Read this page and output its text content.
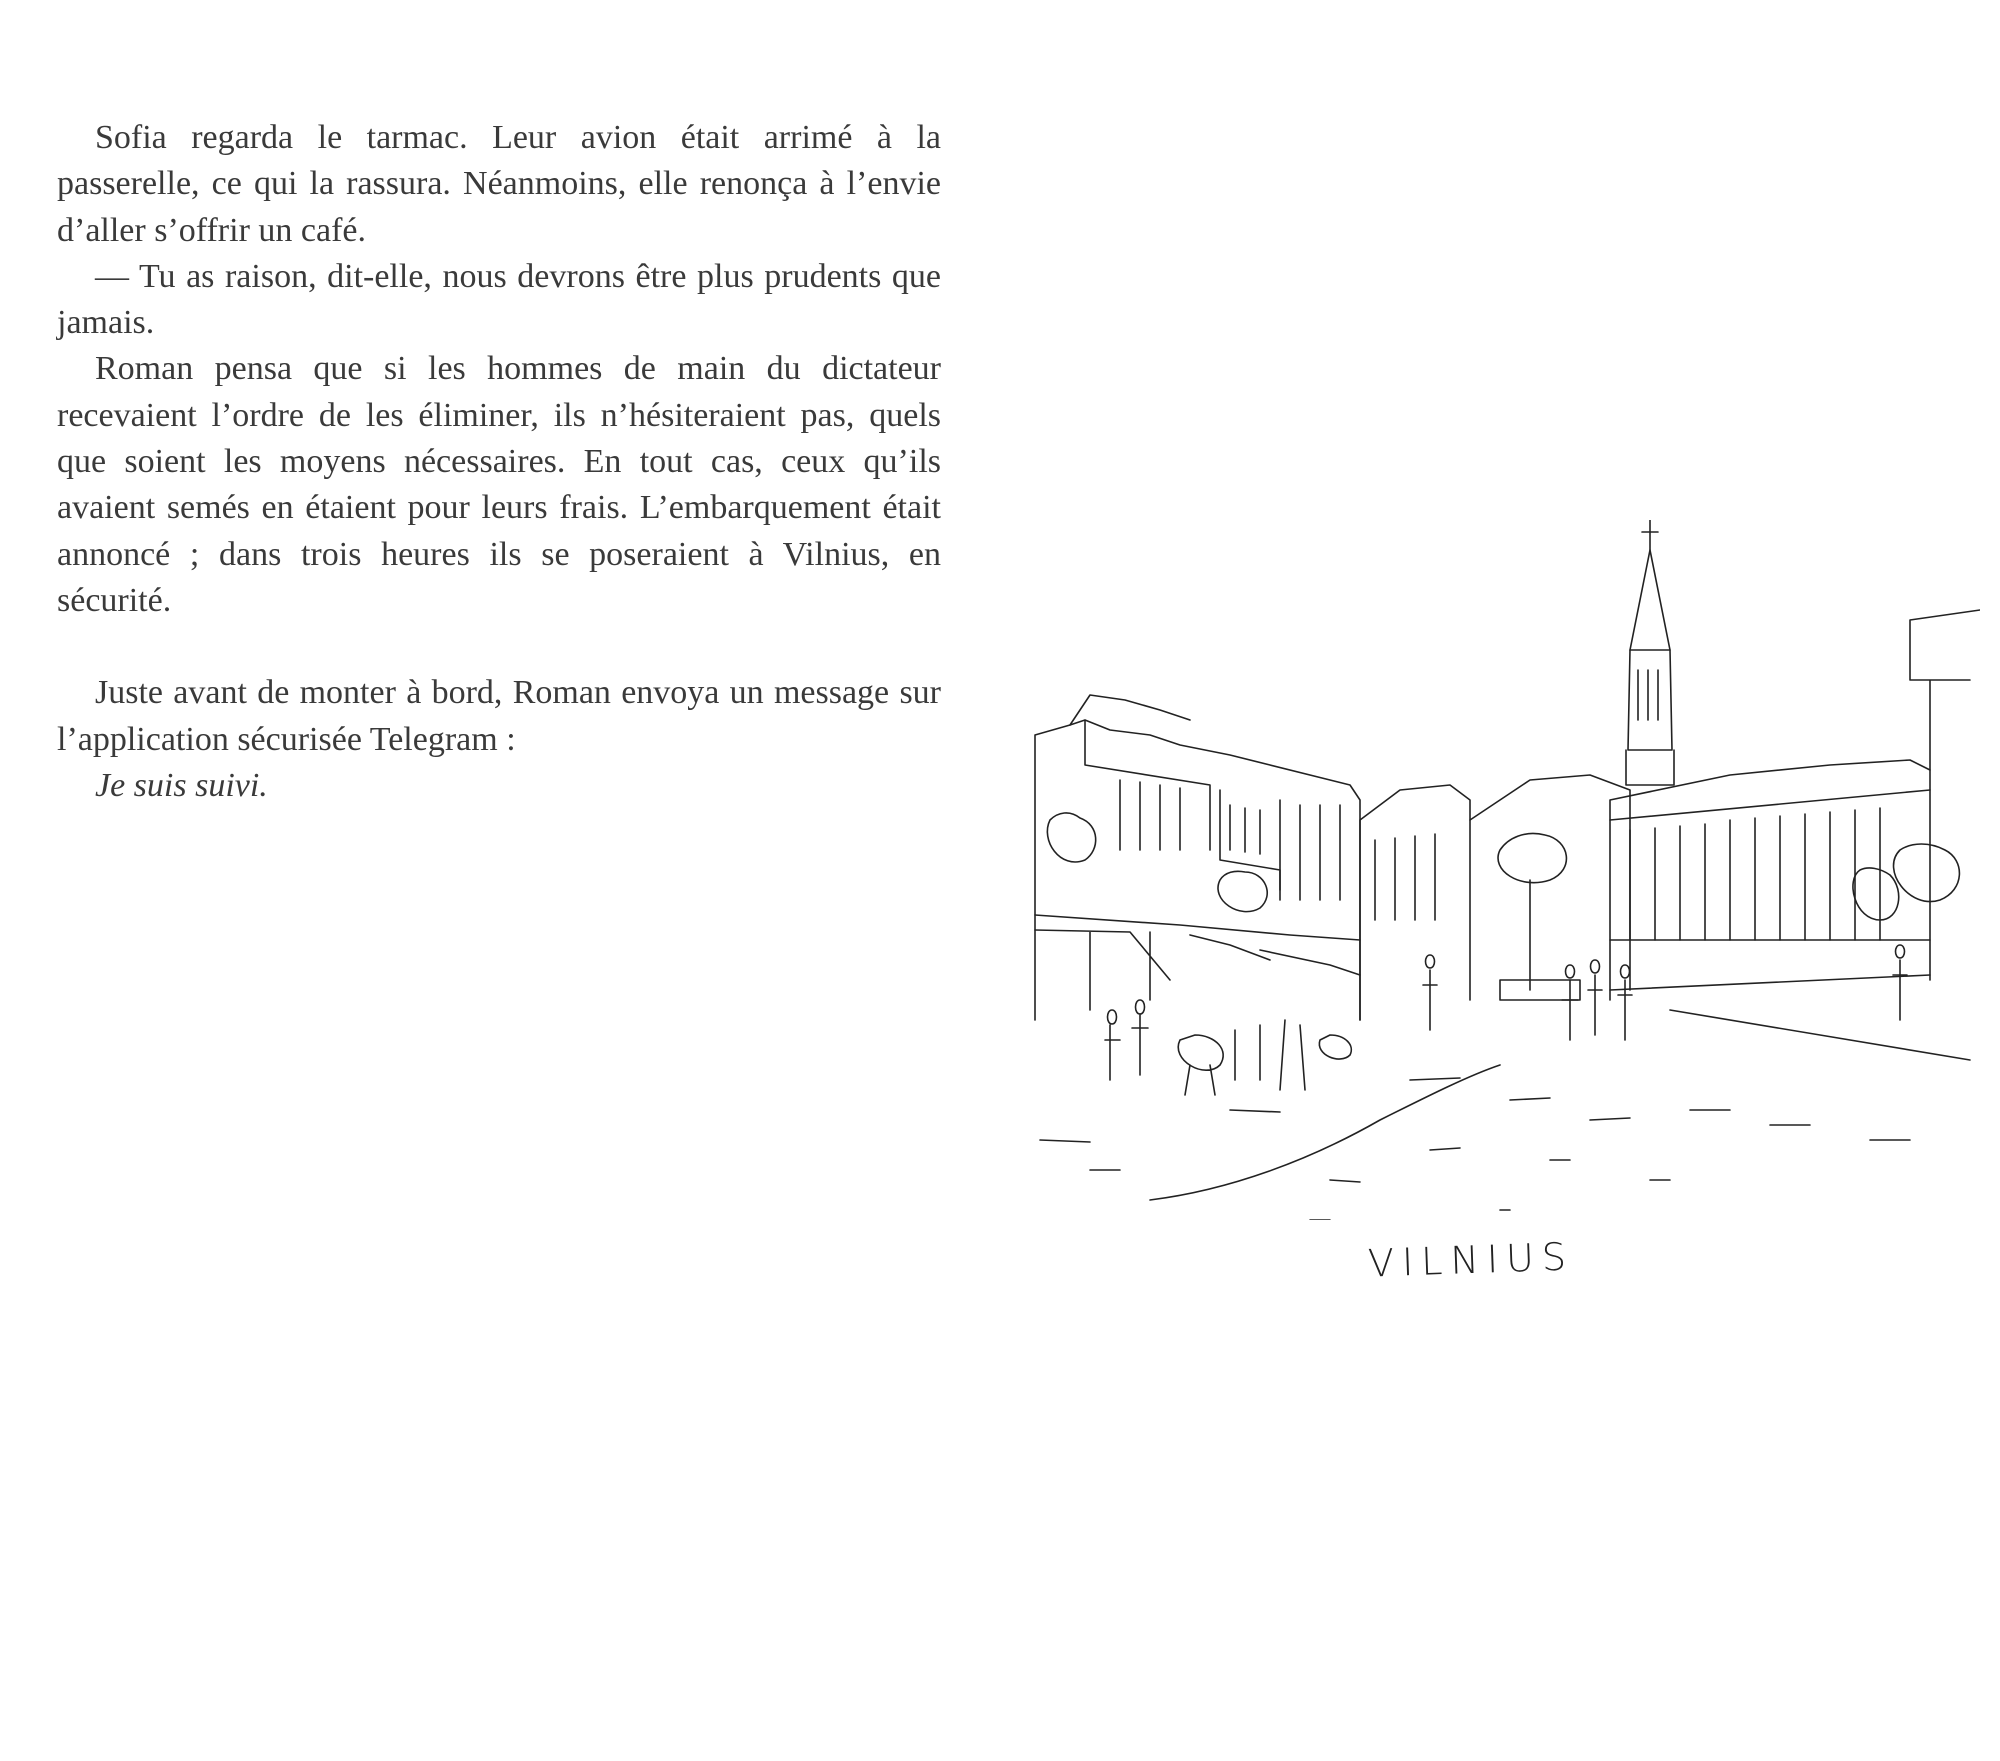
Sofia regarda le tarmac. Leur avion était arrimé à la passerelle, ce qui la rassura. Néanmoins, elle renonça à l’envie d’aller s’offrir un café.

— Tu as raison, dit-elle, nous devrons être plus prudents que jamais.

Roman pensa que si les hommes de main du dictateur recevaient l’ordre de les éliminer, ils n’hésiteraient pas, quels que soient les moyens nécessaires. En tout cas, ceux qu’ils avaient semés en étaient pour leurs frais. L’embarquement était annoncé ; dans trois heures ils se poseraient à Vilnius, en sécurité.

Juste avant de monter à bord, Roman envoya un message sur l’application sécurisée Telegram :

Je suis suivi.

VILNIUS
